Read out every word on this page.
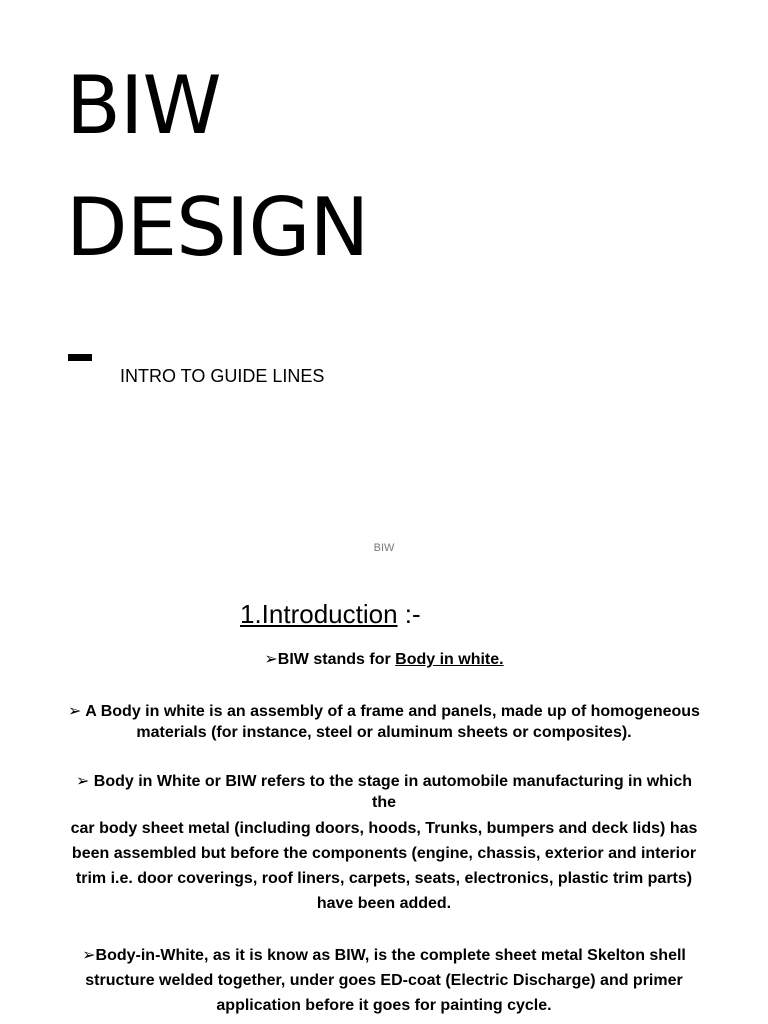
BIW
DESIGN
INTRO TO GUIDE LINES
BIW
1.Introduction :-
➢BIW stands for Body in white.
➢ A Body in white is an assembly of a frame and panels, made up of homogeneous
materials (for instance, steel or aluminum sheets or composites).
➢ Body in White or BIW refers to the stage in automobile manufacturing in which
the
car body sheet metal (including doors, hoods, Trunks, bumpers and deck lids) has
been assembled but before the components (engine, chassis, exterior and interior
trim i.e. door coverings, roof liners, carpets, seats, electronics, plastic trim parts)
have been added.
➢Body-in-White, as it is know as BIW, is the complete sheet metal Skelton shell
structure welded together, under goes ED-coat (Electric Discharge) and primer
application before it goes for painting cycle.
